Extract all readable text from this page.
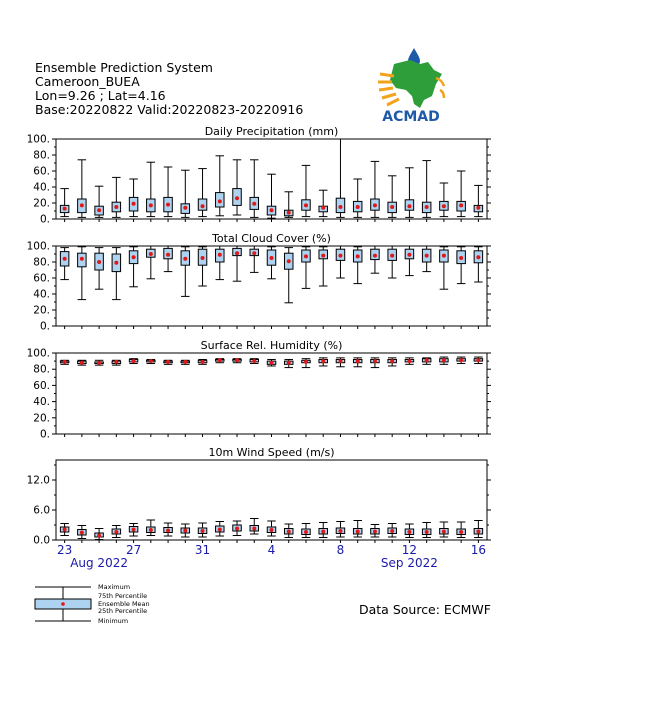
Ensemble Prediction System
Cameroon_BUEA
Lon=9.26 ; Lat=4.16
Base:20220822 Valid:20220823-20220916	ACMAD
Daily Precipitation (mm)
0.
20.
40.
60.
80.
100.
Total Cloud Cover (%)
0.
20.
40.
60.
80.
100.
Surface Rel. Humidity (%)
0.
20.
40.
60.
80.
100.
10m Wind Speed (m/s)
0.0
6.0
12.0
23	27	31	4	8	12	16
Aug 2022	Sep 2022
Maximum
75th Percentile
Ensemble Mean
25th Percentile
Minimum
Data Source: ECMWF
